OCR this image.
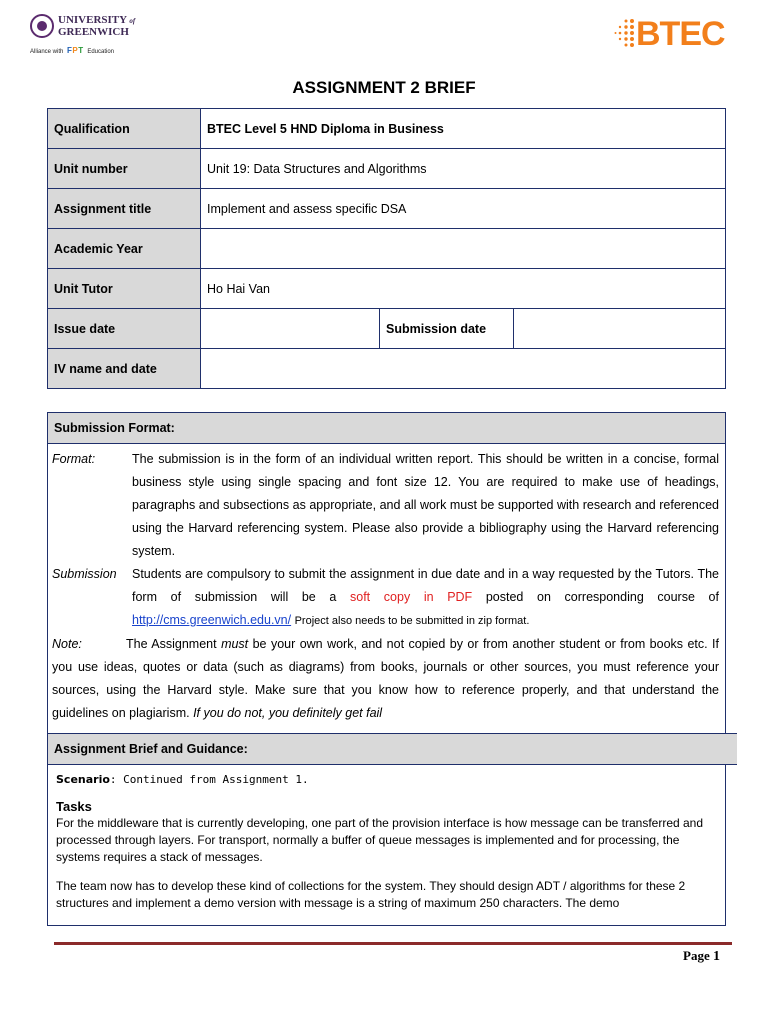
UNIVERSITY of
GREENWICH
Alliance with FPT Education	BTEC
ASSIGNMENT 2 BRIEF
Qualification	BTEC Level 5 HND Diploma in Business		
Unit number	Unit 19: Data Structures and Algorithms		
Assignment title	Implement and assess specific DSA		
Academic Year			
Unit Tutor	Ho Hai Van		
Issue date		Submission date	
IV name and date			
Submission Format:
Format:	The submission is in the form of an individual written report. This should be written in a concise, formal business style using single spacing and font size 12. You are required to make use of headings, paragraphs and subsections as appropriate, and all work must be supported with research and referenced using the Harvard referencing system. Please also provide a bibliography using the Harvard referencing system.
Submission	Students are compulsory to submit the assignment in due date and in a way requested by the Tutors. The form of submission will be a soft copy in PDF posted on corresponding course of http://cms.greenwich.edu.vn/ Project also needs to be submitted in zip format.
Note:	The Assignment must be your own work, and not copied by or from another student or from books etc. If you use ideas, quotes or data (such as diagrams) from books, journals or other sources, you must reference your sources, using the Harvard style. Make sure that you know how to reference properly, and that understand the guidelines on plagiarism. If you do not, you definitely get fail
Assignment Brief and Guidance:
Scenario: Continued from Assignment 1.
Tasks
For the middleware that is currently developing, one part of the provision interface is how message can be transferred and processed through layers. For transport, normally a buffer of queue messages is implemented and for processing, the systems requires a stack of messages.
The team now has to develop these kind of collections for the system. They should design ADT / algorithms for these 2 structures and implement a demo version with message is a string of maximum 250 characters. The demo
Page 1
